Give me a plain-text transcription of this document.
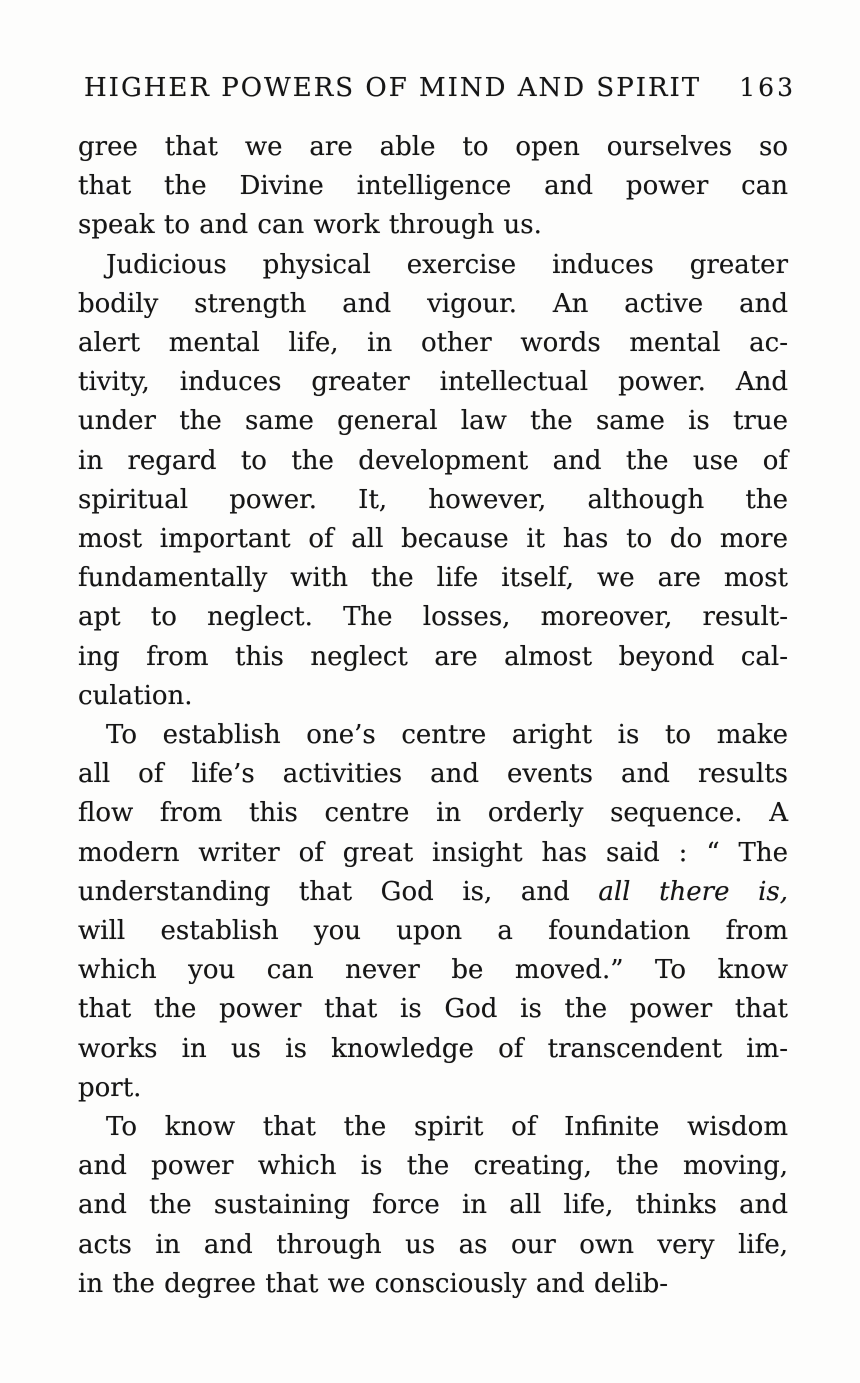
HIGHER POWERS OF MIND AND SPIRIT 163
gree that we are able to open ourselves so
that the Divine intelligence and power can
speak to and can work through us.
Judicious physical exercise induces greater
bodily strength and vigour. An active and
alert mental life, in other words mental ac-
tivity, induces greater intellectual power. And
under the same general law the same is true
in regard to the development and the use of
spiritual power. It, however, although the
most important of all because it has to do more
fundamentally with the life itself, we are most
apt to neglect. The losses, moreover, result-
ing from this neglect are almost beyond cal-
culation.
To establish one’s centre aright is to make
all of life’s activities and events and results
flow from this centre in orderly sequence. A
modern writer of great insight has said : “ The
understanding that God is, and all there is,
will establish you upon a foundation from
which you can never be moved.” To know
that the power that is God is the power that
works in us is knowledge of transcendent im-
port.
To know that the spirit of Infinite wisdom
and power which is the creating, the moving,
and the sustaining force in all life, thinks and
acts in and through us as our own very life,
in the degree that we consciously and delib-
